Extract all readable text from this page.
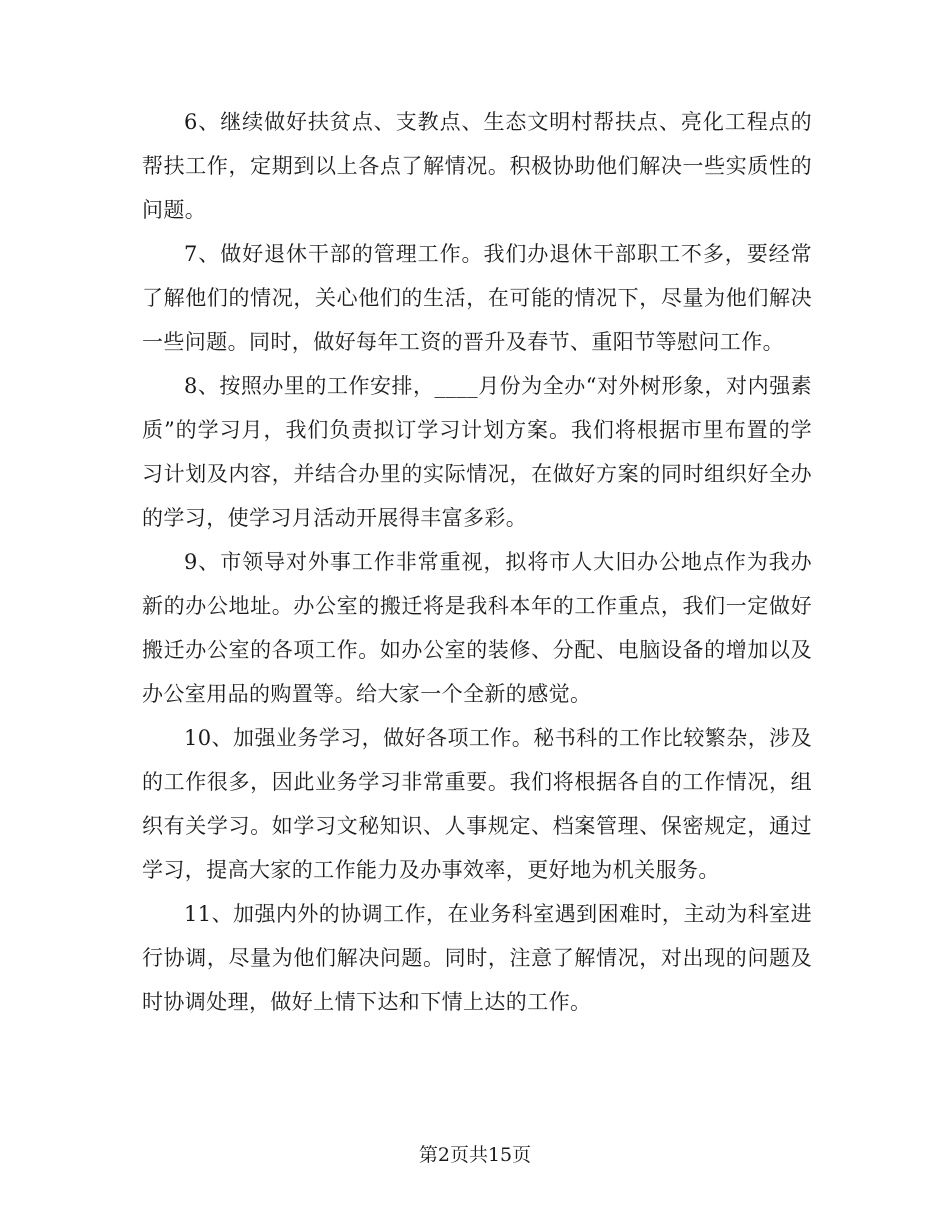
6、继续做好扶贫点、支教点、生态文明村帮扶点、亮化工程点的帮扶工作，定期到以上各点了解情况。积极协助他们解决一些实质性的问题。

7、做好退休干部的管理工作。我们办退休干部职工不多，要经常了解他们的情况，关心他们的生活，在可能的情况下，尽量为他们解决一些问题。同时，做好每年工资的晋升及春节、重阳节等慰问工作。

8、按照办里的工作安排，____月份为全办“对外树形象，对内强素质”的学习月，我们负责拟订学习计划方案。我们将根据市里布置的学习计划及内容，并结合办里的实际情况，在做好方案的同时组织好全办的学习，使学习月活动开展得丰富多彩。

9、市领导对外事工作非常重视，拟将市人大旧办公地点作为我办新的办公地址。办公室的搬迁将是我科本年的工作重点，我们一定做好搬迁办公室的各项工作。如办公室的装修、分配、电脑设备的增加以及办公室用品的购置等。给大家一个全新的感觉。

10、加强业务学习，做好各项工作。秘书科的工作比较繁杂，涉及的工作很多，因此业务学习非常重要。我们将根据各自的工作情况，组织有关学习。如学习文秘知识、人事规定、档案管理、保密规定，通过学习，提高大家的工作能力及办事效率，更好地为机关服务。

11、加强内外的协调工作，在业务科室遇到困难时，主动为科室进行协调，尽量为他们解决问题。同时，注意了解情况，对出现的问题及时协调处理，做好上情下达和下情上达的工作。

第2页共15页
